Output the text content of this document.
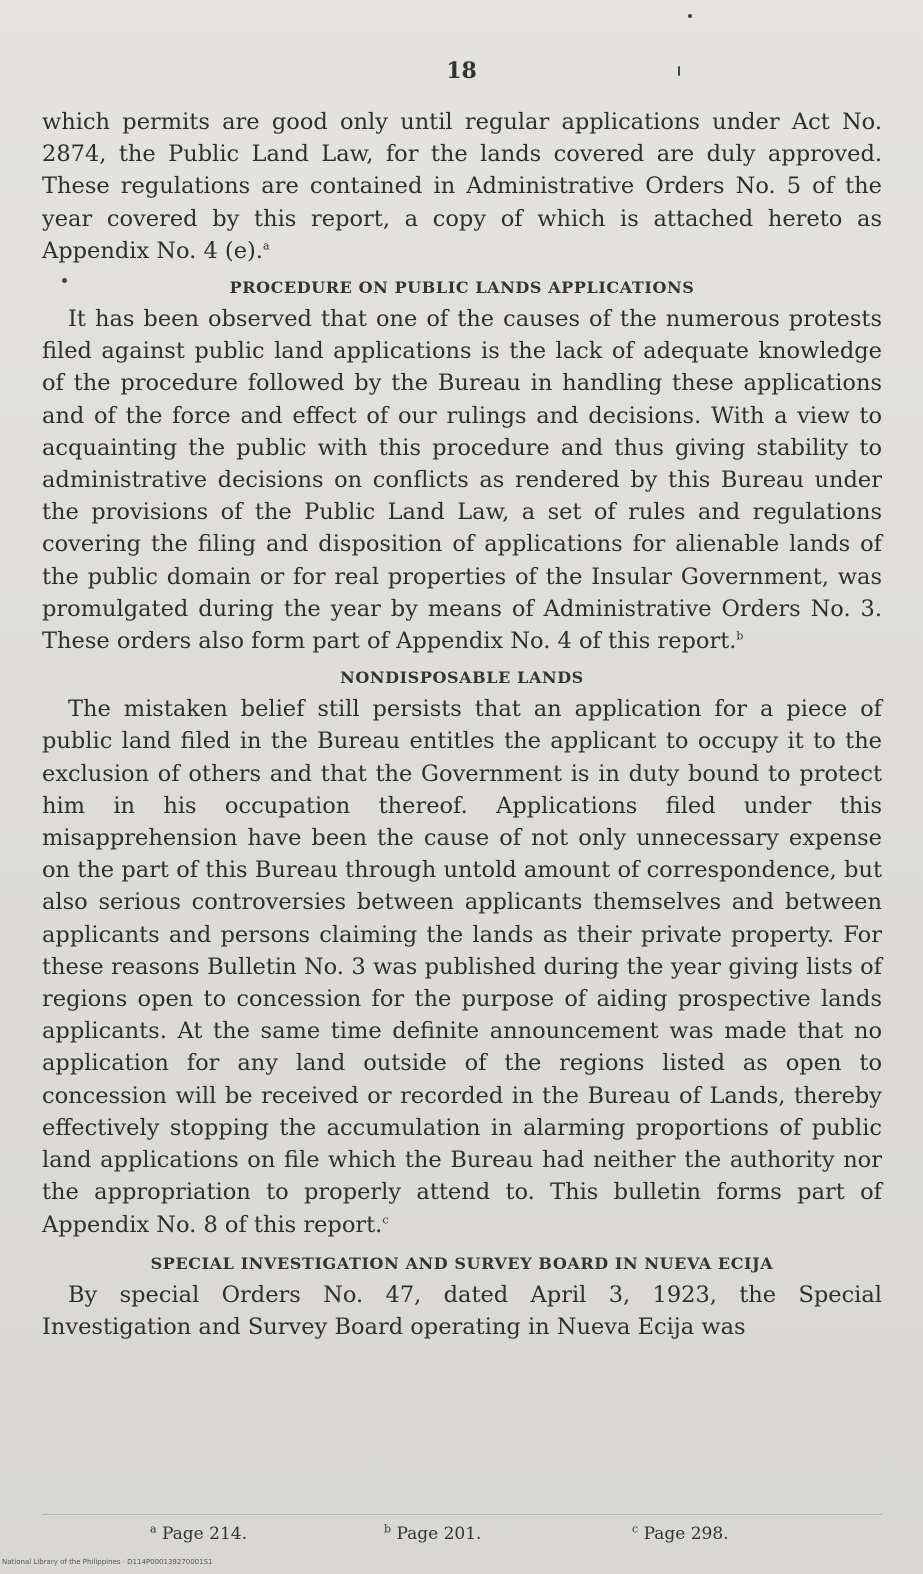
18

which permits are good only until regular applications under Act No. 2874, the Public Land Law, for the lands covered are duly approved. These regulations are contained in Administrative Orders No. 5 of the year covered by this report, a copy of which is attached hereto as Appendix No. 4 (e).$^a$

PROCEDURE ON PUBLIC LANDS APPLICATIONS

It has been observed that one of the causes of the numerous protests filed against public land applications is the lack of adequate knowledge of the procedure followed by the Bureau in handling these applications and of the force and effect of our rulings and decisions. With a view to acquainting the public with this procedure and thus giving stability to administrative decisions on conflicts as rendered by this Bureau under the provisions of the Public Land Law, a set of rules and regulations covering the filing and disposition of applications for alienable lands of the public domain or for real properties of the Insular Government, was promulgated during the year by means of Administrative Orders No. 3. These orders also form part of Appendix No. 4 of this report.$^b$

NONDISPOSABLE LANDS

The mistaken belief still persists that an application for a piece of public land filed in the Bureau entitles the applicant to occupy it to the exclusion of others and that the Government is in duty bound to protect him in his occupation thereof. Applications filed under this misapprehension have been the cause of not only unnecessary expense on the part of this Bureau through untold amount of correspondence, but also serious controversies between applicants themselves and between applicants and persons claiming the lands as their private property. For these reasons Bulletin No. 3 was published during the year giving lists of regions open to concession for the purpose of aiding prospective lands applicants. At the same time definite announcement was made that no application for any land outside of the regions listed as open to concession will be received or recorded in the Bureau of Lands, thereby effectively stopping the accumulation in alarming proportions of public land applications on file which the Bureau had neither the authority nor the appropriation to properly attend to. This bulletin forms part of Appendix No. 8 of this report.$^c$

SPECIAL INVESTIGATION AND SURVEY BOARD IN NUEVA ECIJA

By special Orders No. 47, dated April 3, 1923, the Special Investigation and Survey Board operating in Nueva Ecija was

$^a$ Page 214.	$^b$ Page 201.	$^c$ Page 298.
National Library of the Philippines · D114P000139270001S1
